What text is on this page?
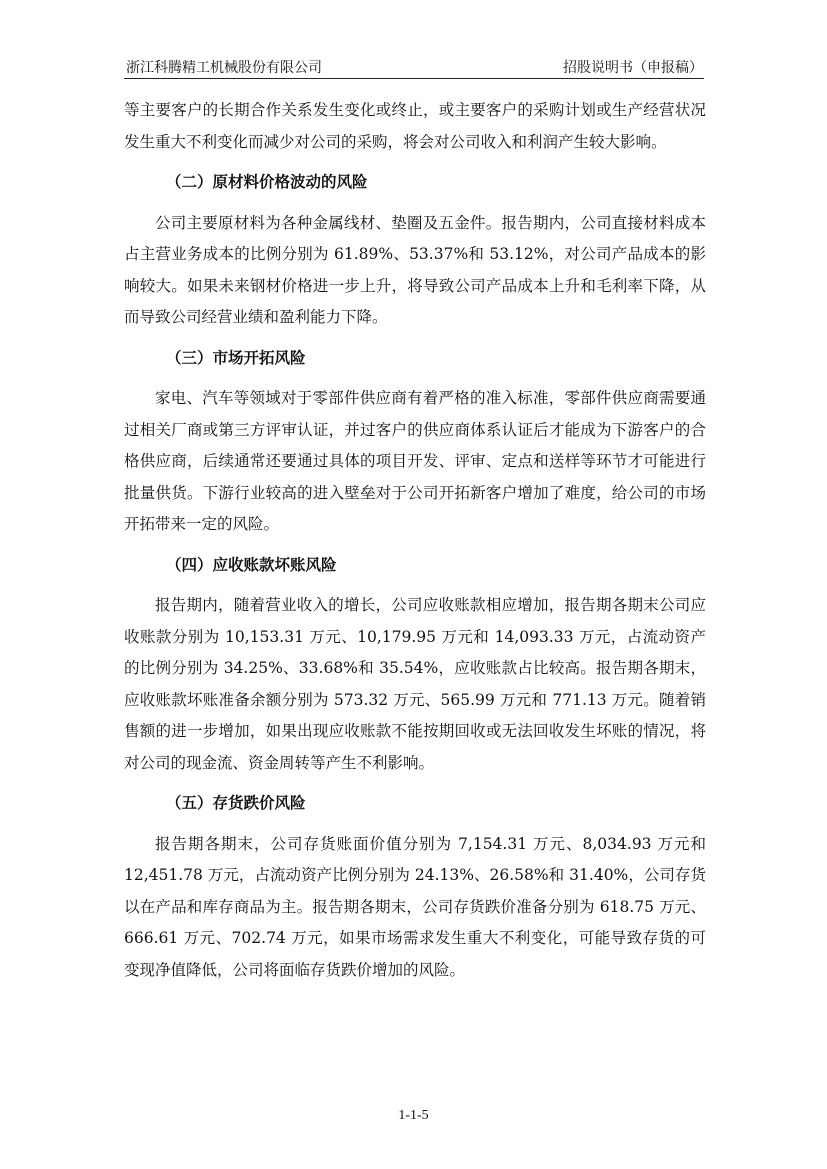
浙江科腾精工机械股份有限公司	招股说明书（申报稿）

等主要客户的长期合作关系发生变化或终止，或主要客户的采购计划或生产经营状况发生重大不利变化而减少对公司的采购，将会对公司收入和利润产生较大影响。

（二）原材料价格波动的风险

公司主要原材料为各种金属线材、垫圈及五金件。报告期内，公司直接材料成本占主营业务成本的比例分别为 61.89%、53.37%和 53.12%，对公司产品成本的影响较大。如果未来钢材价格进一步上升，将导致公司产品成本上升和毛利率下降，从而导致公司经营业绩和盈利能力下降。

（三）市场开拓风险

家电、汽车等领域对于零部件供应商有着严格的准入标准，零部件供应商需要通过相关厂商或第三方评审认证，并过客户的供应商体系认证后才能成为下游客户的合格供应商，后续通常还要通过具体的项目开发、评审、定点和送样等环节才可能进行批量供货。下游行业较高的进入壁垒对于公司开拓新客户增加了难度，给公司的市场开拓带来一定的风险。

（四）应收账款坏账风险

报告期内，随着营业收入的增长，公司应收账款相应增加，报告期各期末公司应收账款分别为 10,153.31 万元、10,179.95 万元和 14,093.33 万元，占流动资产的比例分别为 34.25%、33.68%和 35.54%，应收账款占比较高。报告期各期末，应收账款坏账准备余额分别为 573.32 万元、565.99 万元和 771.13 万元。随着销售额的进一步增加，如果出现应收账款不能按期回收或无法回收发生坏账的情况，将对公司的现金流、资金周转等产生不利影响。

（五）存货跌价风险

报告期各期末，公司存货账面价值分别为 7,154.31 万元、8,034.93 万元和 12,451.78 万元，占流动资产比例分别为 24.13%、26.58%和 31.40%，公司存货以在产品和库存商品为主。报告期各期末，公司存货跌价准备分别为 618.75 万元、666.61 万元、702.74 万元，如果市场需求发生重大不利变化，可能导致存货的可变现净值降低，公司将面临存货跌价增加的风险。

1-1-5
